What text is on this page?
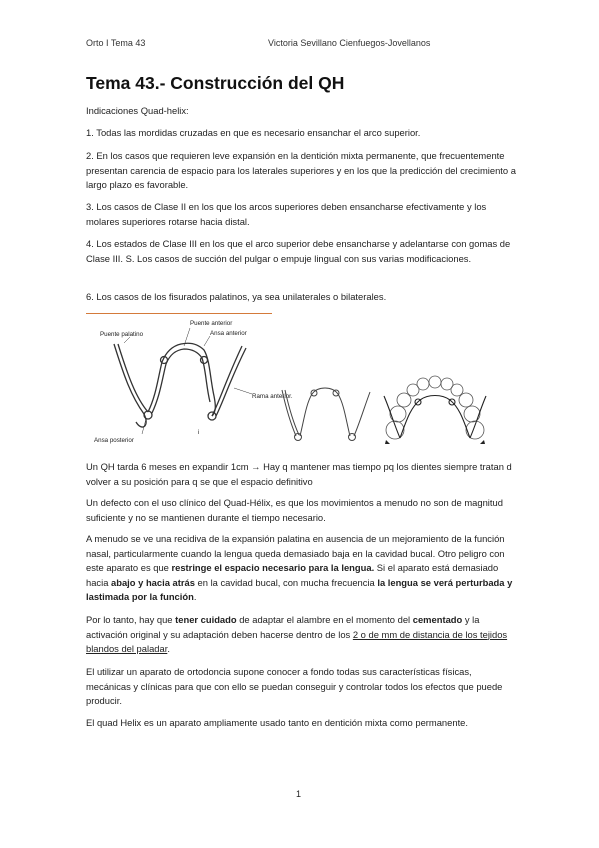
Orto I Tema 43	Victoria Sevillano Cienfuegos-Jovellanos
Tema 43.- Construcción del QH

Indicaciones Quad-helix:

1. Todas las mordidas cruzadas en que es necesario ensanchar el arco superior.

2. En los casos que requieren leve expansión en la dentición mixta permanente, que frecuentemente presentan carencia de espacio para los laterales superiores y en los que la predicción del crecimiento a largo plazo es favorable.

3. Los casos de Clase II en los que los arcos superiores deben ensancharse efectivamente y los molares superiores rotarse hacia distal.

4. Los estados de Clase III en los que el arco superior debe ensancharse y adelantarse con gomas de Clase III. S. Los casos de succión del pulgar o empuje lingual con sus varias modificaciones.

6. Los casos de los fisurados palatinos, ya sea unilaterales o bilaterales.

Puente anterior
Puente palatino	Ansa anterior
Rama anterior.
Ansa posterior
i

Un QH tarda 6 meses en expandir 1cm → Hay q mantener mas tiempo pq los dientes siempre tratan d volver a su posición para q se que el espacio definitivo

Un defecto con el uso clínico del Quad-Hélix, es que los movimientos a menudo no son de magnitud suficiente y no se mantienen durante el tiempo necesario.

A menudo se ve una recidiva de la expansión palatina en ausencia de un mejoramiento de la función nasal, particularmente cuando la lengua queda demasiado baja en la cavidad bucal. Otro peligro con este aparato es que restringe el espacio necesario para la lengua. Si el aparato está demasiado hacia abajo y hacia atrás en la cavidad bucal, con mucha frecuencia la lengua se verá perturbada y lastimada por la función.

Por lo tanto, hay que tener cuidado de adaptar el alambre en el momento del cementado y la activación original y su adaptación deben hacerse dentro de los 2 o de mm de distancia de los tejidos blandos del paladar.

El utilizar un aparato de ortodoncia supone conocer a fondo todas sus características físicas, mecánicas y clínicas para que con ello se puedan conseguir y controlar todos los efectos que puede producir.

El quad Helix es un aparato ampliamente usado tanto en dentición mixta como permanente.

1
